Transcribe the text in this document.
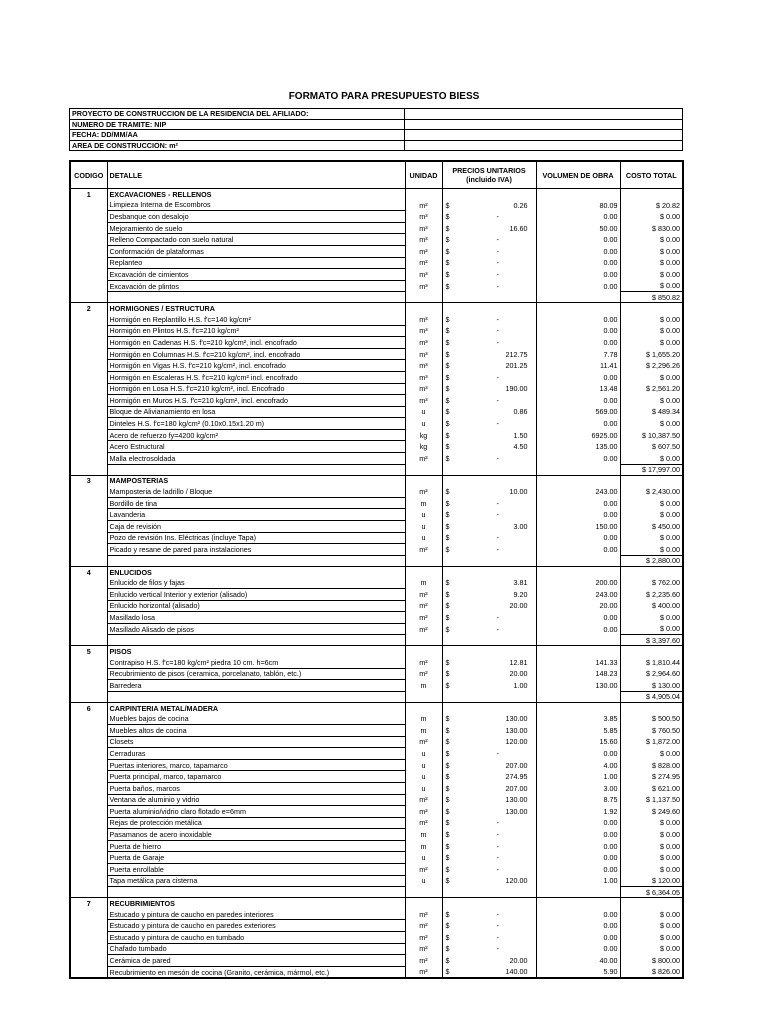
FORMATO PARA PRESUPUESTO BIESS
PROYECTO DE CONSTRUCCION DE LA RESIDENCIA DEL AFILIADO:	
NUMERO DE TRAMITE: NIP	
FECHA: DD/MM/AA	
AREA DE CONSTRUCCION: m²	
CODIGO	DETALLE	UNIDAD	PRECIOS UNITARIOS (incluido IVA)		VOLUMEN DE OBRA	COSTO TOTAL
1	EXCAVACIONES - RELLENOS					
	Limpieza Interna de Escombros	m²	$	0.26	80.09	$ 20.82
	Desbanque con desalojo	m³	$	-	0.00	$ 0.00
	Mejoramiento de suelo	m³	$	16.60	50.00	$ 830.00
	Relleno Compactado con suelo natural	m³	$	-	0.00	$ 0.00
	Conformación de plataformas	m²	$	-	0.00	$ 0.00
	Replanteo	m²	$	-	0.00	$ 0.00
	Excavación de cimientos	m³	$	-	0.00	$ 0.00
	Excavación de plintos	m³	$	-	0.00	$ 0.00
						$ 850.82
2	HORMIGONES / ESTRUCTURA					
	Hormigón en Replantillo H.S. f'c=140 kg/cm²	m³	$	-	0.00	$ 0.00
	Hormigón en Plintos H.S. f'c=210 kg/cm²	m³	$	-	0.00	$ 0.00
	Hormigón en Cadenas H.S. f'c=210 kg/cm², incl. encofrado	m³	$	-	0.00	$ 0.00
	Hormigón en Columnas H.S. f'c=210 kg/cm², incl. encofrado	m³	$	212.75	7.78	$ 1,655.20
	Hormigón en Vigas H.S. f'c=210 kg/cm², incl. encofrado	m³	$	201.25	11.41	$ 2,296.26
	Hormigón en Escaleras H.S. f'c=210 kg/cm² incl. encofrado	m³	$	-	0.00	$ 0.00
	Hormigón en Losa H.S. f'c=210 kg/cm², incl. Encofrado	m³	$	190.00	13.48	$ 2,561.20
	Hormigón en Muros H.S. f'c=210 kg/cm², incl. encofrado	m³	$	-	0.00	$ 0.00
	Bloque de Alivianamiento en losa	u	$	0.86	569.00	$ 489.34
	Dinteles H.S. f'c=180 kg/cm² (0.10x0.15x1.20 m)	u	$	-	0.00	$ 0.00
	Acero de refuerzo fy=4200 kg/cm²	kg	$	1.50	6925.00	$ 10,387.50
	Acero Estructural	kg	$	4.50	135.00	$ 607.50
	Malla electrosoldada	m²	$	-	0.00	$ 0.00
						$ 17,997.00
3	MAMPOSTERIAS					
	Mamposteria de ladrillo / Bloque	m²	$	10.00	243.00	$ 2,430.00
	Bordillo de tina	m	$	-	0.00	$ 0.00
	Lavanderia	u	$	-	0.00	$ 0.00
	Caja de revisión	u	$	3.00	150.00	$ 450.00
	Pozo de revisión Ins. Eléctricas (incluye Tapa)	u	$	-	0.00	$ 0.00
	Picado y resane de pared para instalaciones	m²	$	-	0.00	$ 0.00
						$ 2,880.00
4	ENLUCIDOS					
	Enlucido de filos y fajas	m	$	3.81	200.00	$ 762.00
	Enlucido vertical Interior y exterior (alisado)	m²	$	9.20	243.00	$ 2,235.60
	Enlucido horizontal (alisado)	m²	$	20.00	20.00	$ 400.00
	Masillado losa	m²	$	-	0.00	$ 0.00
	Masillado Alisado de pisos	m²	$	-	0.00	$ 0.00
						$ 3,397.60
5	PISOS					
	Contrapiso H.S. f'c=180 kg/cm² piedra 10 cm. h=6cm	m²	$	12.81	141.33	$ 1,810.44
	Recubrimiento de pisos (ceramica, porcelanato, tablón, etc.)	m²	$	20.00	148.23	$ 2,964.60
	Barredera	m	$	1.00	130.00	$ 130.00
						$ 4,905.04
6	CARPINTERIA METAL/MADERA					
	Muebles bajos de cocina	m	$	130.00	3.85	$ 500.50
	Muebles altos de cocina	m	$	130.00	5.85	$ 760.50
	Closets	m²	$	120.00	15.60	$ 1,872.00
	Cerraduras	u	$	-	0.00	$ 0.00
	Puertas interiores, marco, tapamarco	u	$	207.00	4.00	$ 828.00
	Puerta principal, marco, tapamarco	u	$	274.95	1.00	$ 274.95
	Puerta baños, marcos	u	$	207.00	3.00	$ 621.00
	Ventana de aluminio y vidrio	m²	$	130.00	8.75	$ 1,137.50
	Puerta aluminio/vidrio claro flotado e=6mm	m²	$	130.00	1.92	$ 249.60
	Rejas de protección metálica	m²	$	-	0.00	$ 0.00
	Pasamanos de acero inoxidable	m	$	-	0.00	$ 0.00
	Puerta de hierro	m	$	-	0.00	$ 0.00
	Puerta de Garaje	u	$	-	0.00	$ 0.00
	Puerta enrollable	m²	$	-	0.00	$ 0.00
	Tapa metálica para cisterna	u	$	120.00	1.00	$ 120.00
						$ 6,364.05
7	RECUBRIMIENTOS					
	Estucado y pintura de caucho en paredes interiores	m²	$	-	0.00	$ 0.00
	Estucado y pintura de caucho en paredes exteriores	m²	$	-	0.00	$ 0.00
	Estucado y pintura de caucho en tumbado	m²	$	-	0.00	$ 0.00
	Chafado tumbado	m²	$	-	0.00	$ 0.00
	Cerámica de pared	m²	$	20.00	40.00	$ 800.00
	Recubrimiento en mesón de cocina (Granito, cerámica, mármol, etc.)	m²	$	140.00	5.90	$ 826.00
